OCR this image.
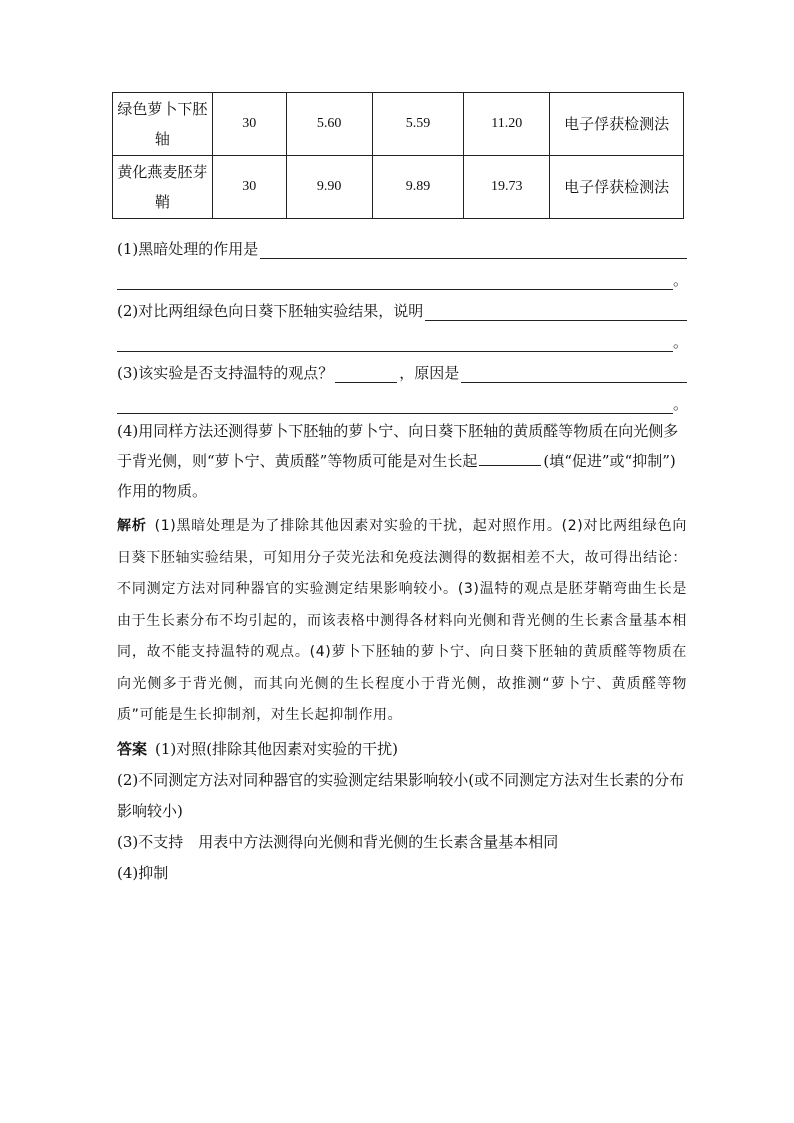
绿色萝卜下胚轴	30	5.60	5.59	11.20	电子俘获检测法
黄化燕麦胚芽鞘	30	9.90	9.89	19.73	电子俘获检测法
(1)黑暗处理的作用是
。
(2)对比两组绿色向日葵下胚轴实验结果，说明
。
(3)该实验是否支持温特的观点？	，原因是
。
(4)用同样方法还测得萝卜下胚轴的萝卜宁、向日葵下胚轴的黄质醛等物质在向光侧多于背光侧，则“萝卜宁、黄质醛”等物质可能是对生长起	(填“促进”或“抑制”)作用的物质。
解析 (1)黑暗处理是为了排除其他因素对实验的干扰，起对照作用。(2)对比两组绿色向日葵下胚轴实验结果，可知用分子荧光法和免疫法测得的数据相差不大，故可得出结论：不同测定方法对同种器官的实验测定结果影响较小。(3)温特的观点是胚芽鞘弯曲生长是由于生长素分布不均引起的，而该表格中测得各材料向光侧和背光侧的生长素含量基本相同，故不能支持温特的观点。(4)萝卜下胚轴的萝卜宁、向日葵下胚轴的黄质醛等物质在向光侧多于背光侧，而其向光侧的生长程度小于背光侧，故推测“萝卜宁、黄质醛等物质”可能是生长抑制剂，对生长起抑制作用。
答案 (1)对照(排除其他因素对实验的干扰)
(2)不同测定方法对同种器官的实验测定结果影响较小(或不同测定方法对生长素的分布影响较小)
(3)不支持　用表中方法测得向光侧和背光侧的生长素含量基本相同
(4)抑制
